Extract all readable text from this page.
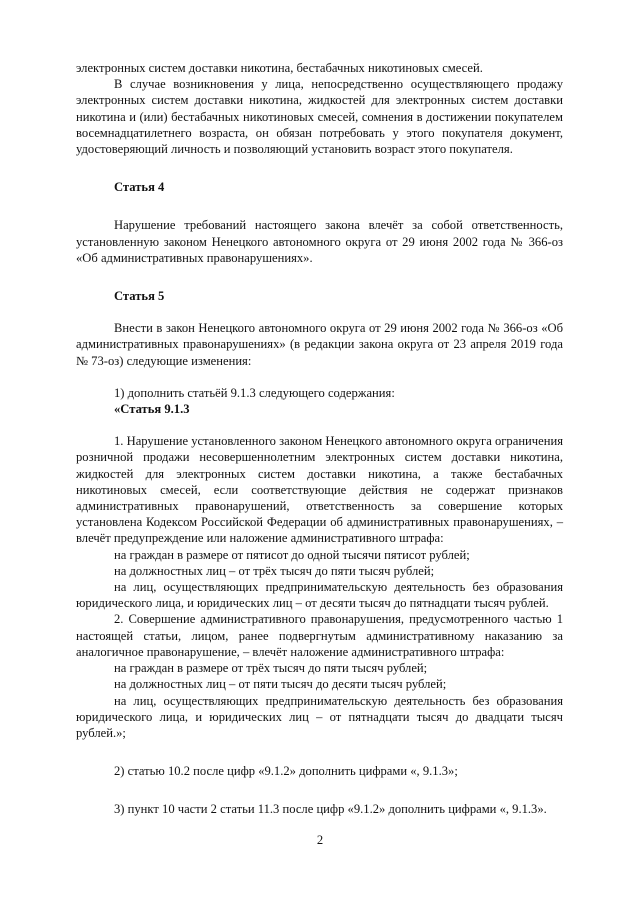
электронных систем доставки никотина, бестабачных никотиновых смесей.

В случае возникновения у лица, непосредственно осуществляющего продажу электронных систем доставки никотина, жидкостей для электронных систем доставки никотина и (или) бестабачных никотиновых смесей, сомнения в достижении покупателем восемнадцатилетнего возраста, он обязан потребовать у этого покупателя документ, удостоверяющий личность и позволяющий установить возраст этого покупателя.

Статья 4

Нарушение требований настоящего закона влечёт за собой ответственность, установленную законом Ненецкого автономного округа от 29 июня 2002 года № 366-оз «Об административных правонарушениях».

Статья 5

Внести в закон Ненецкого автономного округа от 29 июня 2002 года № 366-оз «Об административных правонарушениях» (в редакции закона округа от 23 апреля 2019 года № 73-оз) следующие изменения:

1) дополнить статьёй 9.1.3 следующего содержания:

«Статья 9.1.3

1. Нарушение установленного законом Ненецкого автономного округа ограничения розничной продажи несовершеннолетним электронных систем доставки никотина, жидкостей для электронных систем доставки никотина, а также бестабачных никотиновых смесей, если соответствующие действия не содержат признаков административных правонарушений, ответственность за совершение которых установлена Кодексом Российской Федерации об административных правонарушениях, – влечёт предупреждение или наложение административного штрафа:

на граждан в размере от пятисот до одной тысячи пятисот рублей;

на должностных лиц – от трёх тысяч до пяти тысяч рублей;

на лиц, осуществляющих предпринимательскую деятельность без образования юридического лица, и юридических лиц – от десяти тысяч до пятнадцати тысяч рублей.

2. Совершение административного правонарушения, предусмотренного частью 1 настоящей статьи, лицом, ранее подвергнутым административному наказанию за аналогичное правонарушение, – влечёт наложение административного штрафа:

на граждан в размере от трёх тысяч до пяти тысяч рублей;

на должностных лиц – от пяти тысяч до десяти тысяч рублей;

на лиц, осуществляющих предпринимательскую деятельность без образования юридического лица, и юридических лиц – от пятнадцати тысяч до двадцати тысяч рублей.»;

2) статью 10.2 после цифр «9.1.2» дополнить цифрами «, 9.1.3»;

3) пункт 10 части 2 статьи 11.3 после цифр «9.1.2» дополнить цифрами «, 9.1.3».

2
